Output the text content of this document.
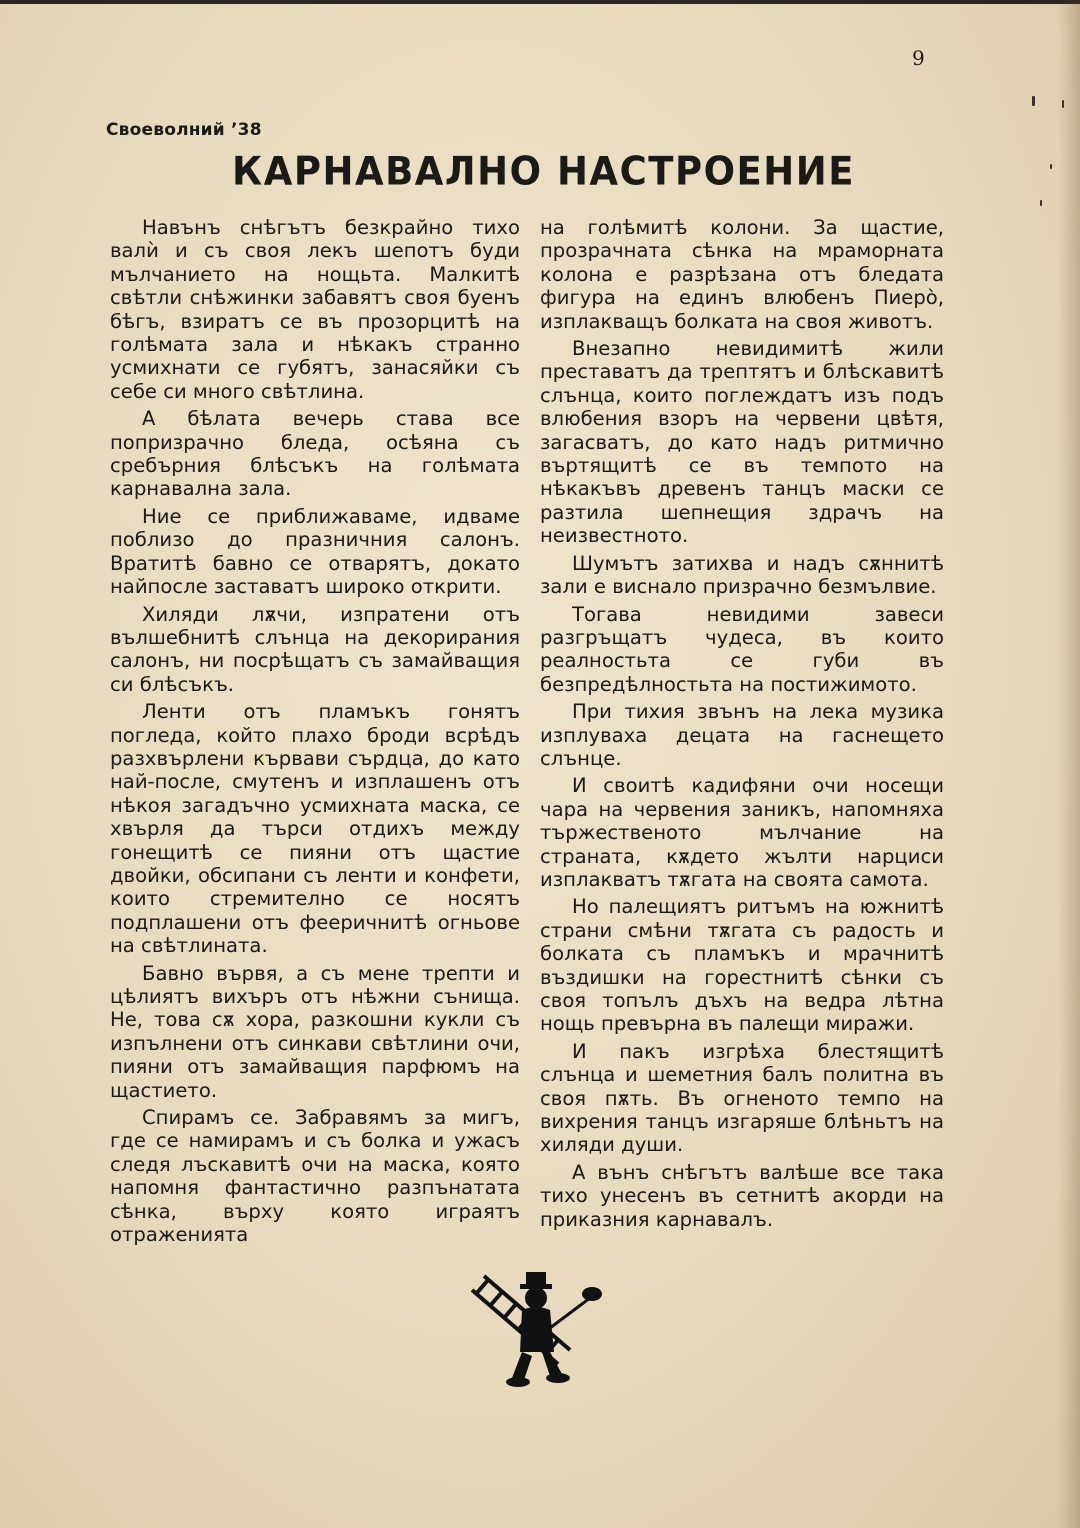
9
Своеволний ’38
КАРНАВАЛНО НАСТРОЕНИЕ

Навънъ снѣгътъ безкрайно тихо валѝ и съ своя лекъ шепотъ буди мълчанието на нощьта. Малкитѣ свѣтли снѣжинки забавятъ своя буенъ бѣгъ, взиратъ се въ прозорцитѣ на голѣмата зала и нѣкакъ странно усмихнати се губятъ, занасяйки съ себе си много свѣтлина.

А бѣлата вечерь става все попризрачно бледа, осѣяна съ сребърния блѣсъкъ на голѣмата карнавална зала.

Ние се приближаваме, идваме поблизо до празничния салонъ. Вратитѣ бавно се отварятъ, докато найпосле заставатъ широко открити.

Хиляди лѫчи, изпратени отъ вълшебнитѣ слънца на декорирания салонъ, ни посрѣщатъ съ замайващия си блѣсъкъ.

Ленти отъ пламъкъ гонятъ погледа, който плахо броди всрѣдъ разхвърлени кървави сърдца, до като най-после, смутенъ и изплашенъ отъ нѣкоя загадъчно усмихната маска, се хвърля да търси отдихъ между гонещитѣ се пияни отъ щастие двойки, обсипани съ ленти и конфети, които стремително се носятъ подплашени отъ фееричнитѣ огньове на свѣтлината.

Бавно вървя, а съ мене трепти и цѣлиятъ вихъръ отъ нѣжни сънища. Не, това сѫ хора, разкошни кукли съ изпълнени отъ синкави свѣтлини очи, пияни отъ замайващия парфюмъ на щастието.

Спирамъ се. Забравямъ за мигъ, где се намирамъ и съ болка и ужасъ следя лъскавитѣ очи на маска, която напомня фантастично разпънатата сѣнка, върху която играятъ отраженията

на голѣмитѣ колони. За щастие, прозрачната сѣнка на мраморната колона е разрѣзана отъ бледата фигура на единъ влюбенъ Пиеро̀, изплакващъ болката на своя животъ.

Внезапно невидимитѣ жили преставатъ да трептятъ и блѣскавитѣ слънца, които поглеждатъ изъ подъ влюбения взоръ на червени цвѣтя, загасватъ, до като надъ ритмично въртящитѣ се въ темпото на нѣкакъвъ древенъ танцъ маски се разтила шепнещия здрачъ на неизвестното.

Шумътъ затихва и надъ сѫннитѣ зали е виснало призрачно безмълвие.

Тогава невидими завеси разгръщатъ чудеса, въ които реалностьта се губи въ безпредѣлностьта на постижимото.

При тихия звънъ на лека музика изплуваха децата на гаснещето слънце.

И своитѣ кадифяни очи носещи чара на червения заникъ, напомняха тържественото мълчание на страната, кѫдето жълти нарциси изплакватъ тѫгата на своята самота.

Но палещиятъ ритъмъ на южнитѣ страни смѣни тѫгата съ радость и болката съ пламъкъ и мрачнитѣ въздишки на горестнитѣ сѣнки съ своя топълъ дъхъ на ведра лѣтна нощь превърна въ палещи миражи.

И пакъ изгрѣха блестящитѣ слънца и шеметния балъ политна въ своя пѫть. Въ огненото темпо на вихрения танцъ изгаряше блѣньтъ на хиляди души.

А вънъ снѣгътъ валѣше все така тихо унесенъ въ сетнитѣ акорди на приказния карнавалъ.
